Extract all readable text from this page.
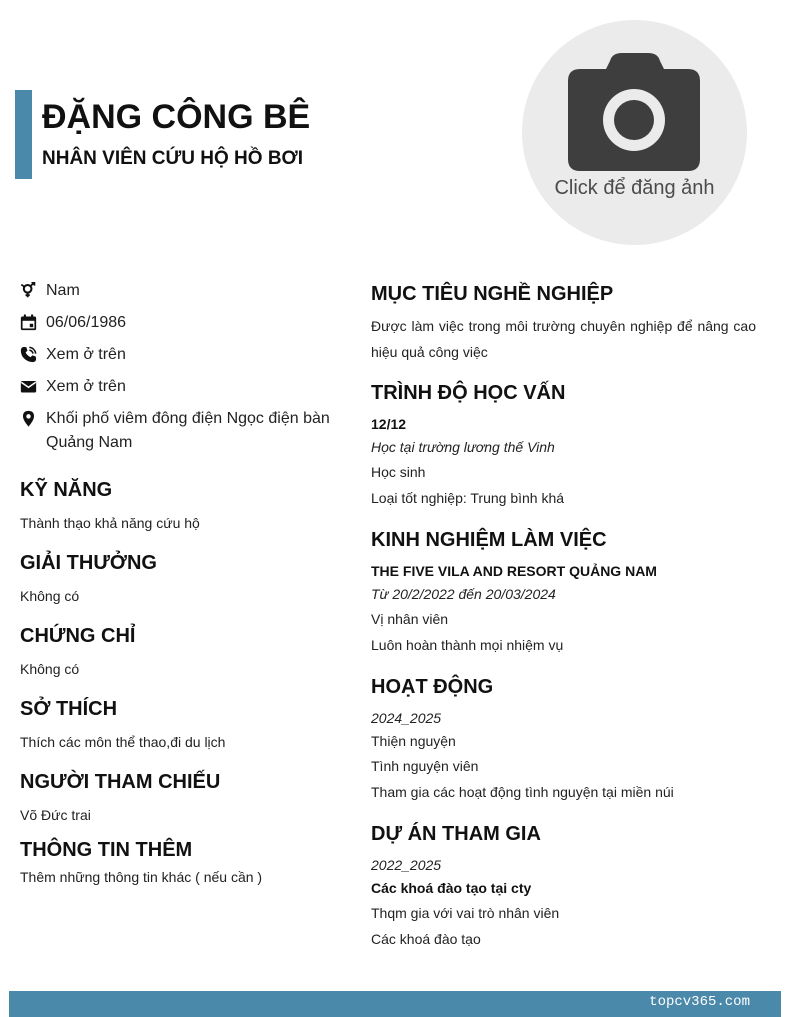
ĐẶNG CÔNG BÊ
NHÂN VIÊN CỨU HỘ HỒ BƠI
Click để đăng ảnh
Nam
06/06/1986
Xem ở trên
Xem ở trên
Khối phố viêm đông điện Ngọc điện bàn
Quảng Nam
KỸ NĂNG
Thành thạo khả năng cứu hộ
GIẢI THƯỞNG
Không có
CHỨNG CHỈ
Không có
SỞ THÍCH
Thích các môn thể thao,đi du lịch
NGƯỜI THAM CHIẾU
Võ Đức trai
THÔNG TIN THÊM
Thêm những thông tin khác ( nếu cần )
MỤC TIÊU NGHỀ NGHIỆP
Được làm việc trong môi trường chuyên nghiệp để nâng cao hiệu quả công việc
TRÌNH ĐỘ HỌC VẤN
12/12
Học tại trường lương thế Vinh
Học sinh
Loại tốt nghiệp: Trung bình khá
KINH NGHIỆM LÀM VIỆC
THE FIVE VILA AND RESORT QUẢNG NAM
Từ 20/2/2022 đến 20/03/2024
Vị nhân viên
Luôn hoàn thành mọi nhiệm vụ
HOẠT ĐỘNG
2024_2025
Thiện nguyện
Tình nguyện viên
Tham gia các hoạt động tình nguyện tại miền núi
DỰ ÁN THAM GIA
2022_2025
Các khoá đào tạo tại cty
Thqm gia với vai trò nhân viên
Các khoá đào tạo
topcv365.com
